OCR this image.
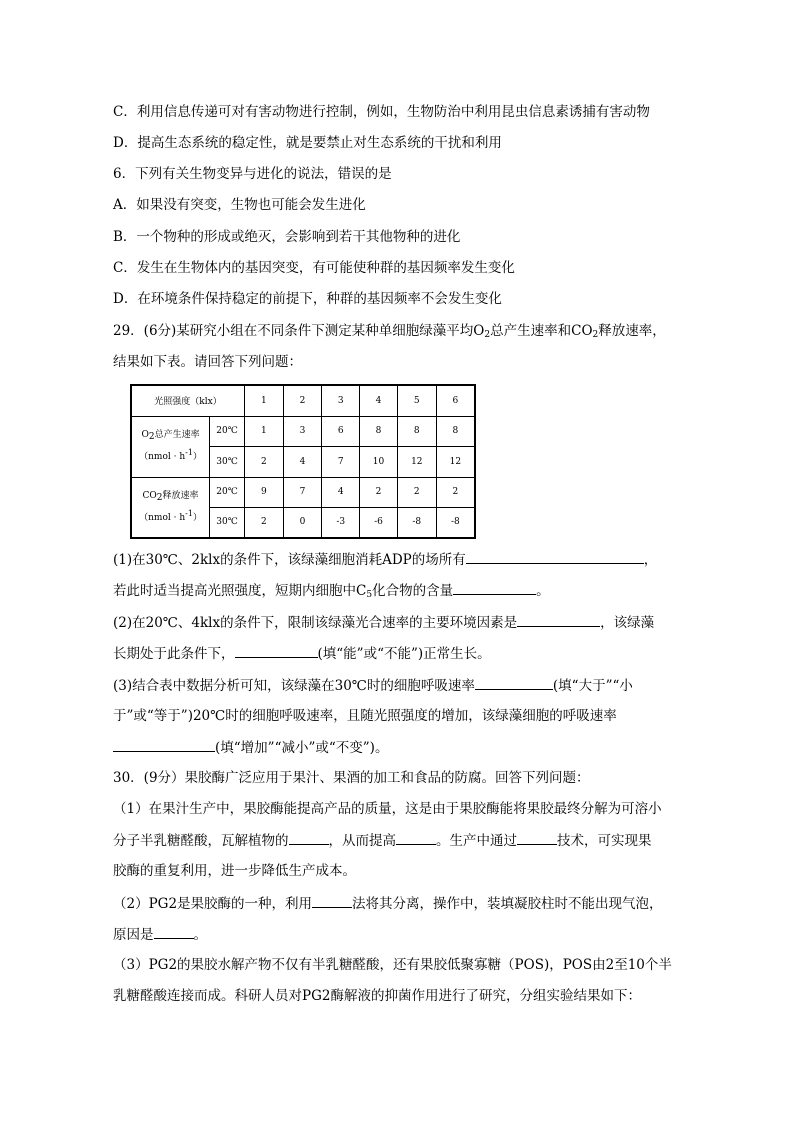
C．利用信息传递可对有害动物进行控制，例如，生物防治中利用昆虫信息素诱捕有害动物
D．提高生态系统的稳定性，就是要禁止对生态系统的干扰和利用
6．下列有关生物变异与进化的说法，错误的是
A．如果没有突变，生物也可能会发生进化
B．一个物种的形成或绝灭，会影响到若干其他物种的进化
C．发生在生物体内的基因突变，有可能使种群的基因频率发生变化
D．在环境条件保持稳定的前提下，种群的基因频率不会发生变化
29．(6分)某研究小组在不同条件下测定某种单细胞绿藻平均$O_2$总产生速率和$CO_2$释放速率，
结果如下表。请回答下列问题：
光照强度（klx）		1	2	3	4	5	6
$O_2$总产生速率
（nmol · $h^{-1}$）	20℃	1	3	6	8	8	8
	30℃	2	4	7	10	12	12
$CO_2$释放速率
（nmol · $h^{-1}$）	20℃	9	7	4	2	2	2
	30℃	2	0	-3	-6	-8	-8
(1)在30℃、2klx的条件下，该绿藻细胞消耗ADP的场所有	，
若此时适当提高光照强度，短期内细胞中$C_5$化合物的含量	。
(2)在20℃、4klx的条件下，限制该绿藻光合速率的主要环境因素是	，该绿藻
长期处于此条件下，	(填“能”或“不能”)正常生长。
(3)结合表中数据分析可知，该绿藻在30℃时的细胞呼吸速率	(填“大于”“小
于”或“等于”)20℃时的细胞呼吸速率，且随光照强度的增加，该绿藻细胞的呼吸速率
(填“增加”“减小”或“不变”)。
30．(9分）果胶酶广泛应用于果汁、果酒的加工和食品的防腐。回答下列问题：
（1）在果汁生产中，果胶酶能提高产品的质量，这是由于果胶酶能将果胶最终分解为可溶小
分子半乳糖醛酸，瓦解植物的	，从而提高	。生产中通过	技术，可实现果
胶酶的重复利用，进一步降低生产成本。
（2）PG2是果胶酶的一种，利用	法将其分离，操作中，装填凝胶柱时不能出现气泡，
原因是	。
（3）PG2的果胶水解产物不仅有半乳糖醛酸，还有果胶低聚寡糖（POS)，POS由2至10个半
乳糖醛酸连接而成。科研人员对PG2酶解液的抑菌作用进行了研究，分组实验结果如下：
